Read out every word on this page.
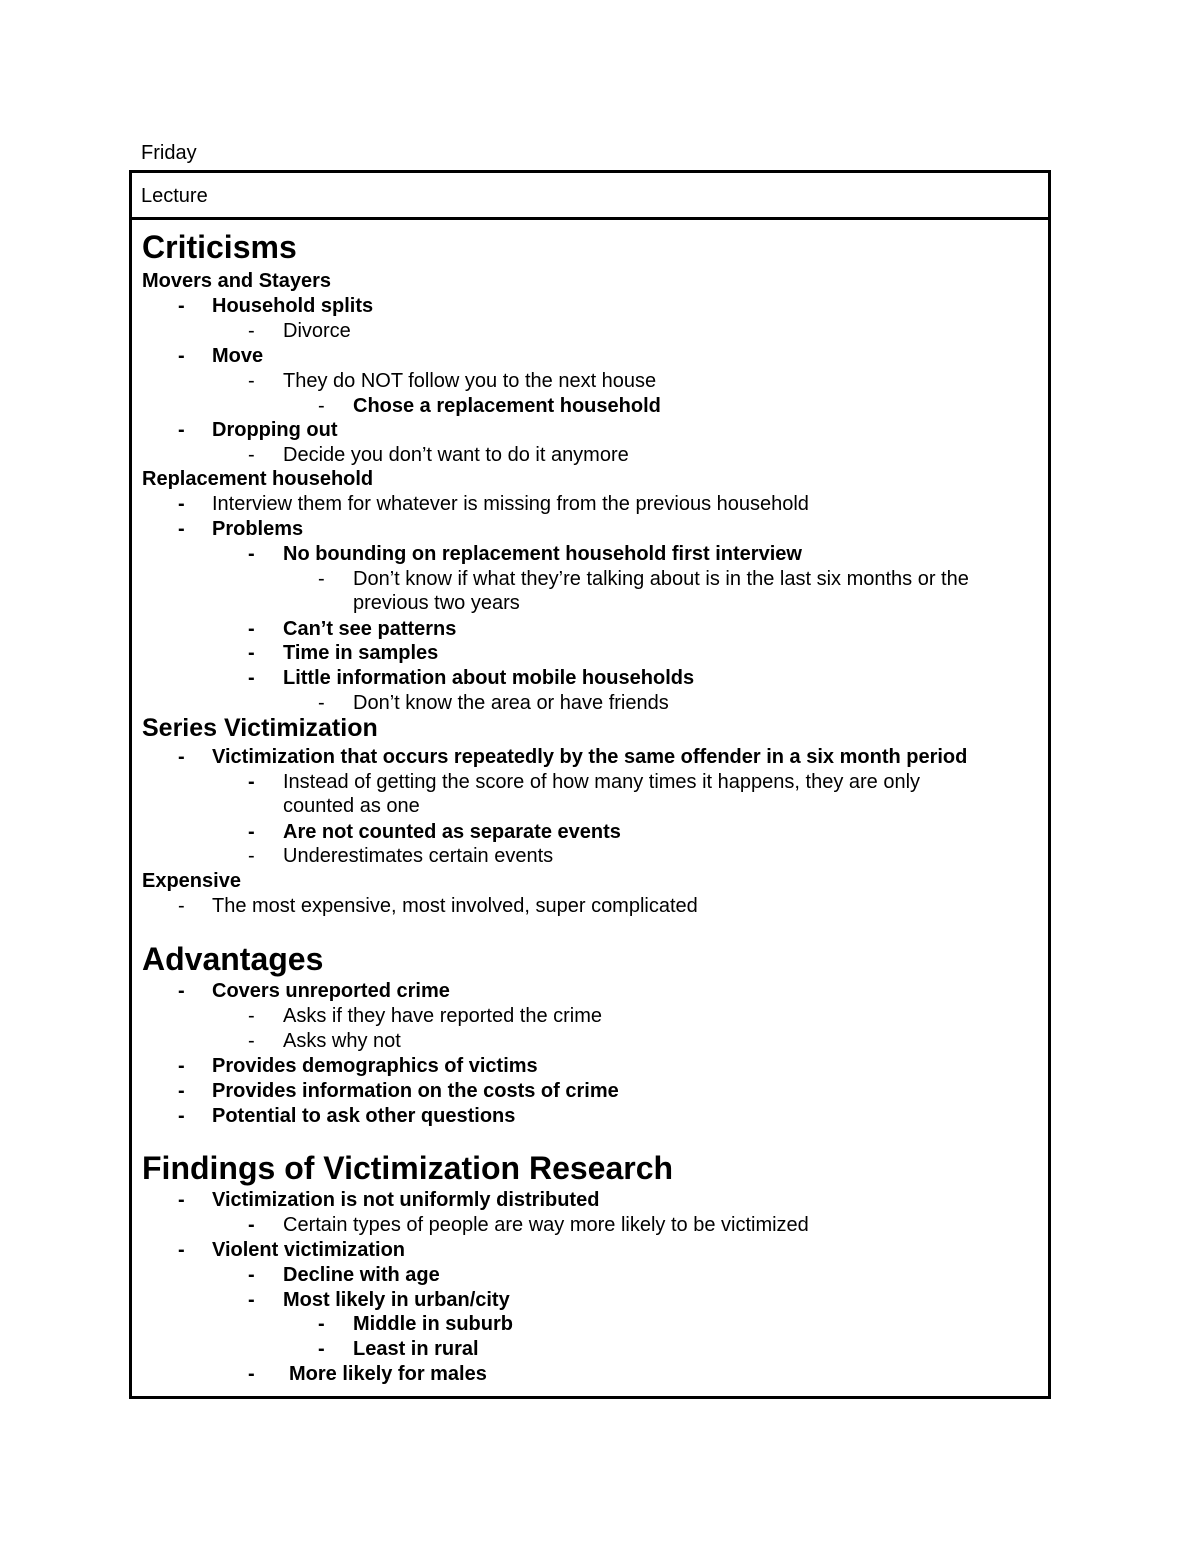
Friday
Lecture
Criticisms
Movers and Stayers
- Household splits
- Divorce
- Move
- They do NOT follow you to the next house
- Chose a replacement household
- Dropping out
- Decide you don’t want to do it anymore
Replacement household
- Interview them for whatever is missing from the previous household
- Problems
- No bounding on replacement household first interview
- Don’t know if what they’re talking about is in the last six months or the
previous two years
- Can’t see patterns
- Time in samples
- Little information about mobile households
- Don’t know the area or have friends
Series Victimization
- Victimization that occurs repeatedly by the same offender in a six month period
- Instead of getting the score of how many times it happens, they are only
counted as one
- Are not counted as separate events
- Underestimates certain events
Expensive
- The most expensive, most involved, super complicated
Advantages
- Covers unreported crime
- Asks if they have reported the crime
- Asks why not
- Provides demographics of victims
- Provides information on the costs of crime
- Potential to ask other questions
Findings of Victimization Research
- Victimization is not uniformly distributed
- Certain types of people are way more likely to be victimized
- Violent victimization
- Decline with age
- Most likely in urban/city
- Middle in suburb
- Least in rural
- More likely for males
